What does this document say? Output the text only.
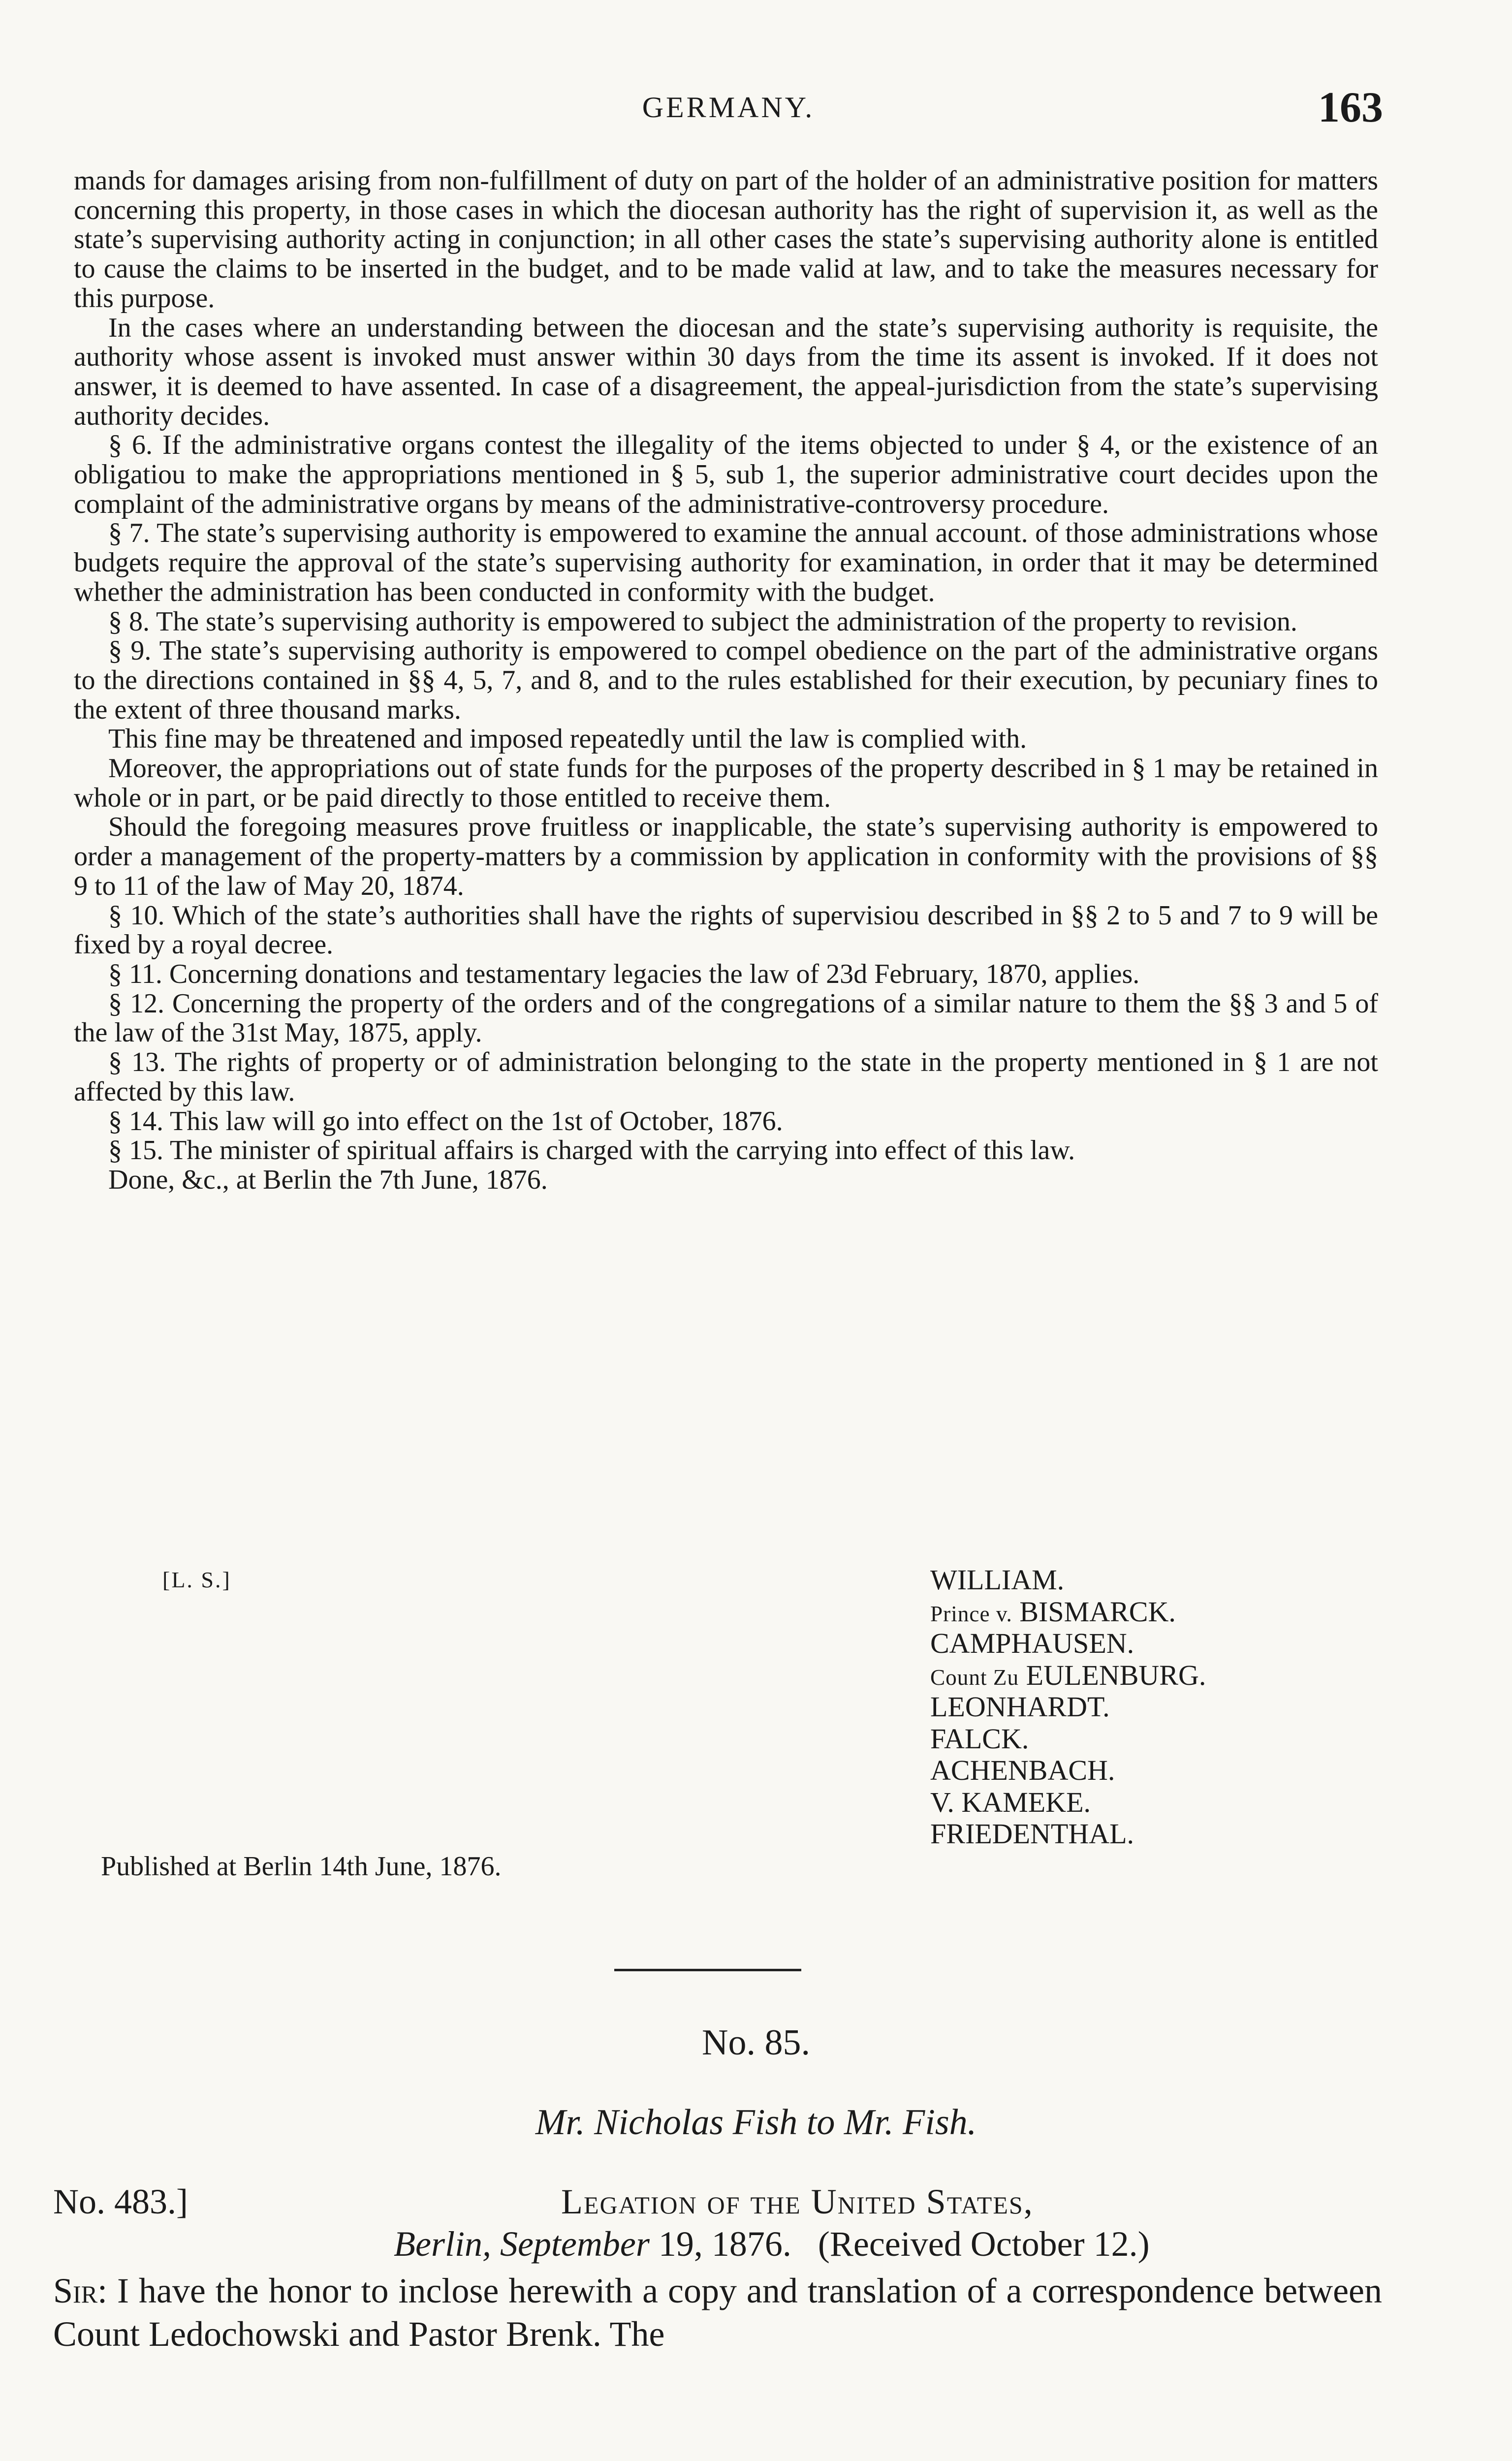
GERMANY.	163

mands for damages arising from non-fulfillment of duty on part of the holder of an administrative position for matters concerning this property, in those cases in which the diocesan authority has the right of supervision it, as well as the state’s supervising authority acting in conjunction; in all other cases the state’s supervising authority alone is entitled to cause the claims to be inserted in the budget, and to be made valid at law, and to take the measures necessary for this purpose.

In the cases where an understanding between the diocesan and the state’s supervising authority is requisite, the authority whose assent is invoked must answer within 30 days from the time its assent is invoked. If it does not answer, it is deemed to have assented. In case of a disagreement, the appeal-jurisdiction from the state’s supervising authority decides.

§ 6. If the administrative organs contest the illegality of the items objected to under § 4, or the existence of an obligatiou to make the appropriations mentioned in § 5, sub 1, the superior administrative court decides upon the complaint of the administrative organs by means of the administrative-controversy procedure.

§ 7. The state’s supervising authority is empowered to examine the annual account. of those administrations whose budgets require the approval of the state’s supervising authority for examination, in order that it may be determined whether the administration has been conducted in conformity with the budget.

§ 8. The state’s supervising authority is empowered to subject the administration of the property to revision.

§ 9. The state’s supervising authority is empowered to compel obedience on the part of the administrative organs to the directions contained in §§ 4, 5, 7, and 8, and to the rules established for their execution, by pecuniary fines to the extent of three thousand marks.

This fine may be threatened and imposed repeatedly until the law is complied with.

Moreover, the appropriations out of state funds for the purposes of the property described in § 1 may be retained in whole or in part, or be paid directly to those entitled to receive them.

Should the foregoing measures prove fruitless or inapplicable, the state’s supervising authority is empowered to order a management of the property-matters by a commission by application in conformity with the provisions of §§ 9 to 11 of the law of May 20, 1874.

§ 10. Which of the state’s authorities shall have the rights of supervisiou described in §§ 2 to 5 and 7 to 9 will be fixed by a royal decree.

§ 11. Concerning donations and testamentary legacies the law of 23d February, 1870, applies.

§ 12. Concerning the property of the orders and of the congregations of a similar nature to them the §§ 3 and 5 of the law of the 31st May, 1875, apply.

§ 13. The rights of property or of administration belonging to the state in the property mentioned in § 1 are not affected by this law.

§ 14. This law will go into effect on the 1st of October, 1876.

§ 15. The minister of spiritual affairs is charged with the carrying into effect of this law.

Done, &c., at Berlin the 7th June, 1876.

[L. S.]	WILLIAM.
Prince v. BISMARCK.
CAMPHAUSEN.
Count Zu EULENBURG.
LEONHARDT.
FALCK.
ACHENBACH.
V. KAMEKE.
FRIEDENTHAL.
Published at Berlin 14th June, 1876.
No. 85.
Mr. Nicholas Fish to Mr. Fish.
No. 483.]	Legation of the United States,
Berlin, September 19, 1876. (Received October 12.)
Sir: I have the honor to inclose herewith a copy and translation of a correspondence between Count Ledochowski and Pastor Brenk. The
